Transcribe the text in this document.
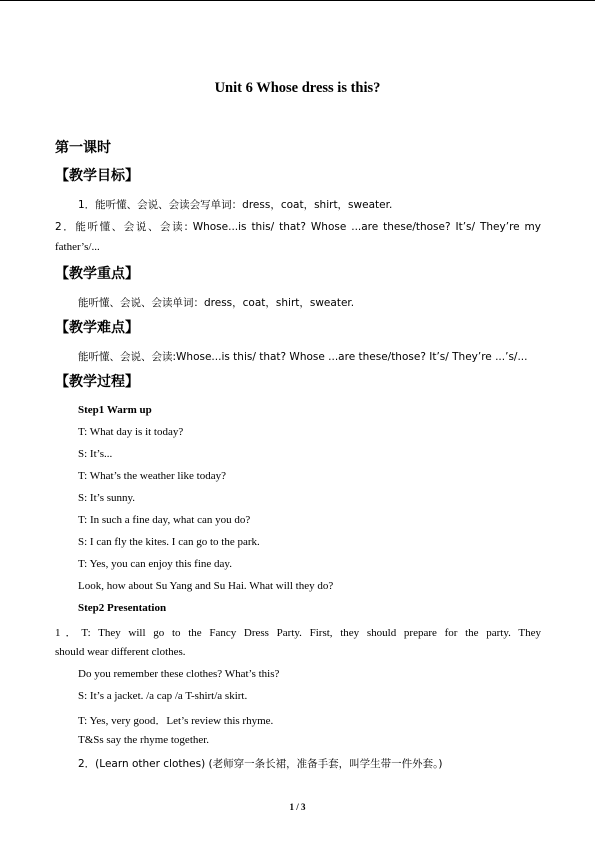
Unit 6 Whose dress is this?
第一课时
【教学目标】
1．能听懂、会说、会读会写单词：dress，coat，shirt，sweater.
2．能听懂、会说、会读: Whose...is this/ that? Whose ...are these/those? It’s/ They’re my
father’s/...
【教学重点】
能听懂、会说、会读单词：dress，coat，shirt，sweater.
【教学难点】
能听懂、会说、会读:Whose...is this/ that? Whose ...are these/those? It’s/ They’re ...’s/...
【教学过程】
Step1 Warm up
T: What day is it today?
S: It’s...
T: What’s the weather like today?
S: It’s sunny.
T: In such a fine day, what can you do?
S: I can fly the kites. I can go to the park.
T: Yes, you can enjoy this fine day.
Look, how about Su Yang and Su Hai. What will they do?
Step2 Presentation
1．T: They will go to the Fancy Dress Party. First, they should prepare for the party. They
should wear different clothes.
Do you remember these clothes? What’s this?
S: It’s a jacket. /a cap /a T-shirt/a skirt.
T: Yes, very good．Let’s review this rhyme.
T&Ss say the rhyme together.
2．(Learn other clothes) (老师穿一条长裙，准备手套，叫学生带一件外套。)
1 / 3
